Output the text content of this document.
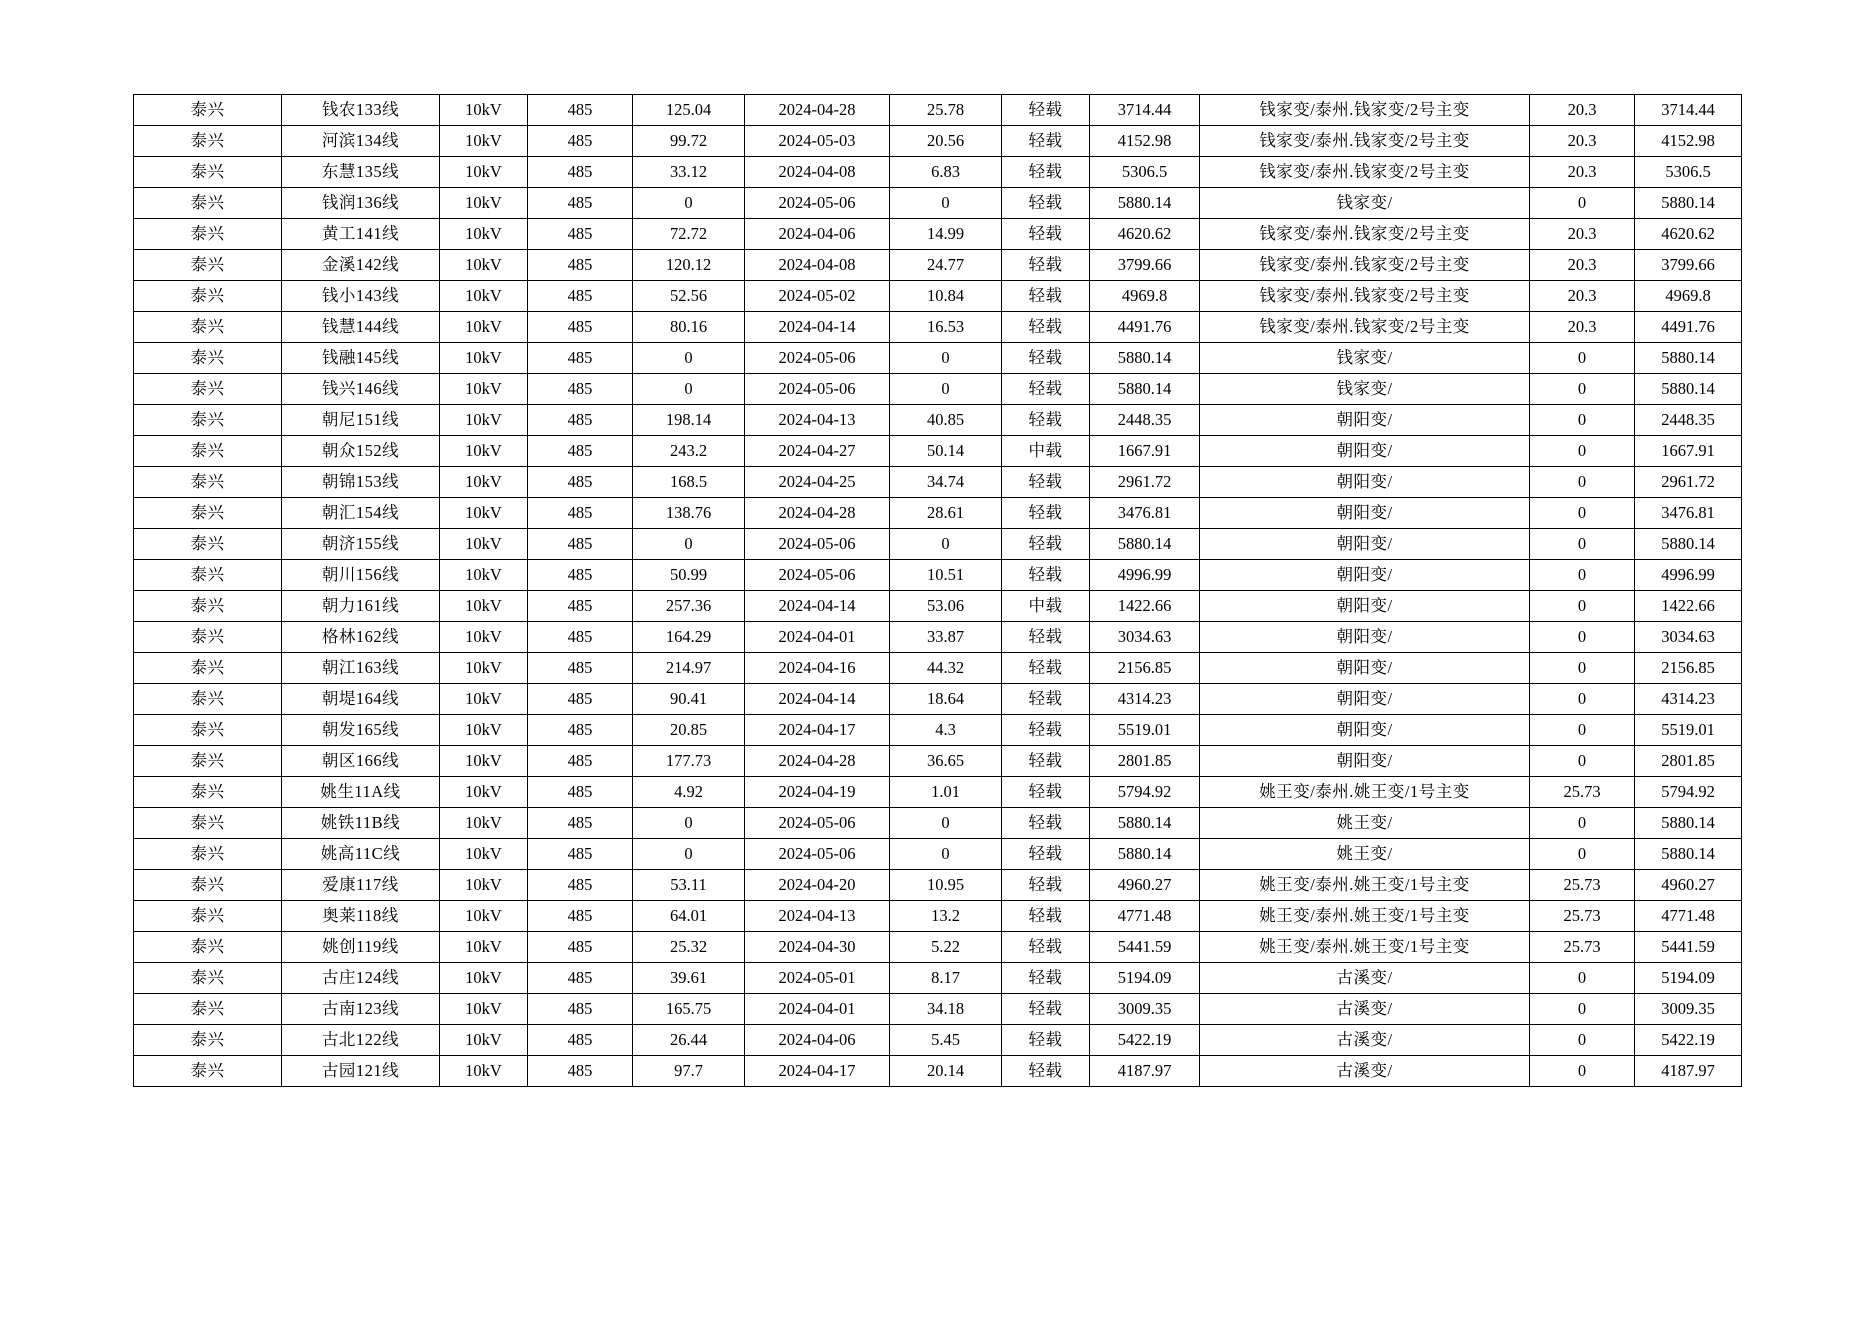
泰兴	钱农133线	10kV	485	125.04	2024-04-28	25.78	轻载	3714.44	钱家变/泰州.钱家变/2号主变	20.3	3714.44
泰兴	河滨134线	10kV	485	99.72	2024-05-03	20.56	轻载	4152.98	钱家变/泰州.钱家变/2号主变	20.3	4152.98
泰兴	东慧135线	10kV	485	33.12	2024-04-08	6.83	轻载	5306.5	钱家变/泰州.钱家变/2号主变	20.3	5306.5
泰兴	钱润136线	10kV	485	0	2024-05-06	0	轻载	5880.14	钱家变/	0	5880.14
泰兴	黄工141线	10kV	485	72.72	2024-04-06	14.99	轻载	4620.62	钱家变/泰州.钱家变/2号主变	20.3	4620.62
泰兴	金溪142线	10kV	485	120.12	2024-04-08	24.77	轻载	3799.66	钱家变/泰州.钱家变/2号主变	20.3	3799.66
泰兴	钱小143线	10kV	485	52.56	2024-05-02	10.84	轻载	4969.8	钱家变/泰州.钱家变/2号主变	20.3	4969.8
泰兴	钱慧144线	10kV	485	80.16	2024-04-14	16.53	轻载	4491.76	钱家变/泰州.钱家变/2号主变	20.3	4491.76
泰兴	钱融145线	10kV	485	0	2024-05-06	0	轻载	5880.14	钱家变/	0	5880.14
泰兴	钱兴146线	10kV	485	0	2024-05-06	0	轻载	5880.14	钱家变/	0	5880.14
泰兴	朝尼151线	10kV	485	198.14	2024-04-13	40.85	轻载	2448.35	朝阳变/	0	2448.35
泰兴	朝众152线	10kV	485	243.2	2024-04-27	50.14	中载	1667.91	朝阳变/	0	1667.91
泰兴	朝锦153线	10kV	485	168.5	2024-04-25	34.74	轻载	2961.72	朝阳变/	0	2961.72
泰兴	朝汇154线	10kV	485	138.76	2024-04-28	28.61	轻载	3476.81	朝阳变/	0	3476.81
泰兴	朝济155线	10kV	485	0	2024-05-06	0	轻载	5880.14	朝阳变/	0	5880.14
泰兴	朝川156线	10kV	485	50.99	2024-05-06	10.51	轻载	4996.99	朝阳变/	0	4996.99
泰兴	朝力161线	10kV	485	257.36	2024-04-14	53.06	中载	1422.66	朝阳变/	0	1422.66
泰兴	格林162线	10kV	485	164.29	2024-04-01	33.87	轻载	3034.63	朝阳变/	0	3034.63
泰兴	朝江163线	10kV	485	214.97	2024-04-16	44.32	轻载	2156.85	朝阳变/	0	2156.85
泰兴	朝堤164线	10kV	485	90.41	2024-04-14	18.64	轻载	4314.23	朝阳变/	0	4314.23
泰兴	朝发165线	10kV	485	20.85	2024-04-17	4.3	轻载	5519.01	朝阳变/	0	5519.01
泰兴	朝区166线	10kV	485	177.73	2024-04-28	36.65	轻载	2801.85	朝阳变/	0	2801.85
泰兴	姚生11A线	10kV	485	4.92	2024-04-19	1.01	轻载	5794.92	姚王变/泰州.姚王变/1号主变	25.73	5794.92
泰兴	姚铁11B线	10kV	485	0	2024-05-06	0	轻载	5880.14	姚王变/	0	5880.14
泰兴	姚高11C线	10kV	485	0	2024-05-06	0	轻载	5880.14	姚王变/	0	5880.14
泰兴	爱康117线	10kV	485	53.11	2024-04-20	10.95	轻载	4960.27	姚王变/泰州.姚王变/1号主变	25.73	4960.27
泰兴	奥莱118线	10kV	485	64.01	2024-04-13	13.2	轻载	4771.48	姚王变/泰州.姚王变/1号主变	25.73	4771.48
泰兴	姚创119线	10kV	485	25.32	2024-04-30	5.22	轻载	5441.59	姚王变/泰州.姚王变/1号主变	25.73	5441.59
泰兴	古庄124线	10kV	485	39.61	2024-05-01	8.17	轻载	5194.09	古溪变/	0	5194.09
泰兴	古南123线	10kV	485	165.75	2024-04-01	34.18	轻载	3009.35	古溪变/	0	3009.35
泰兴	古北122线	10kV	485	26.44	2024-04-06	5.45	轻载	5422.19	古溪变/	0	5422.19
泰兴	古园121线	10kV	485	97.7	2024-04-17	20.14	轻载	4187.97	古溪变/	0	4187.97
